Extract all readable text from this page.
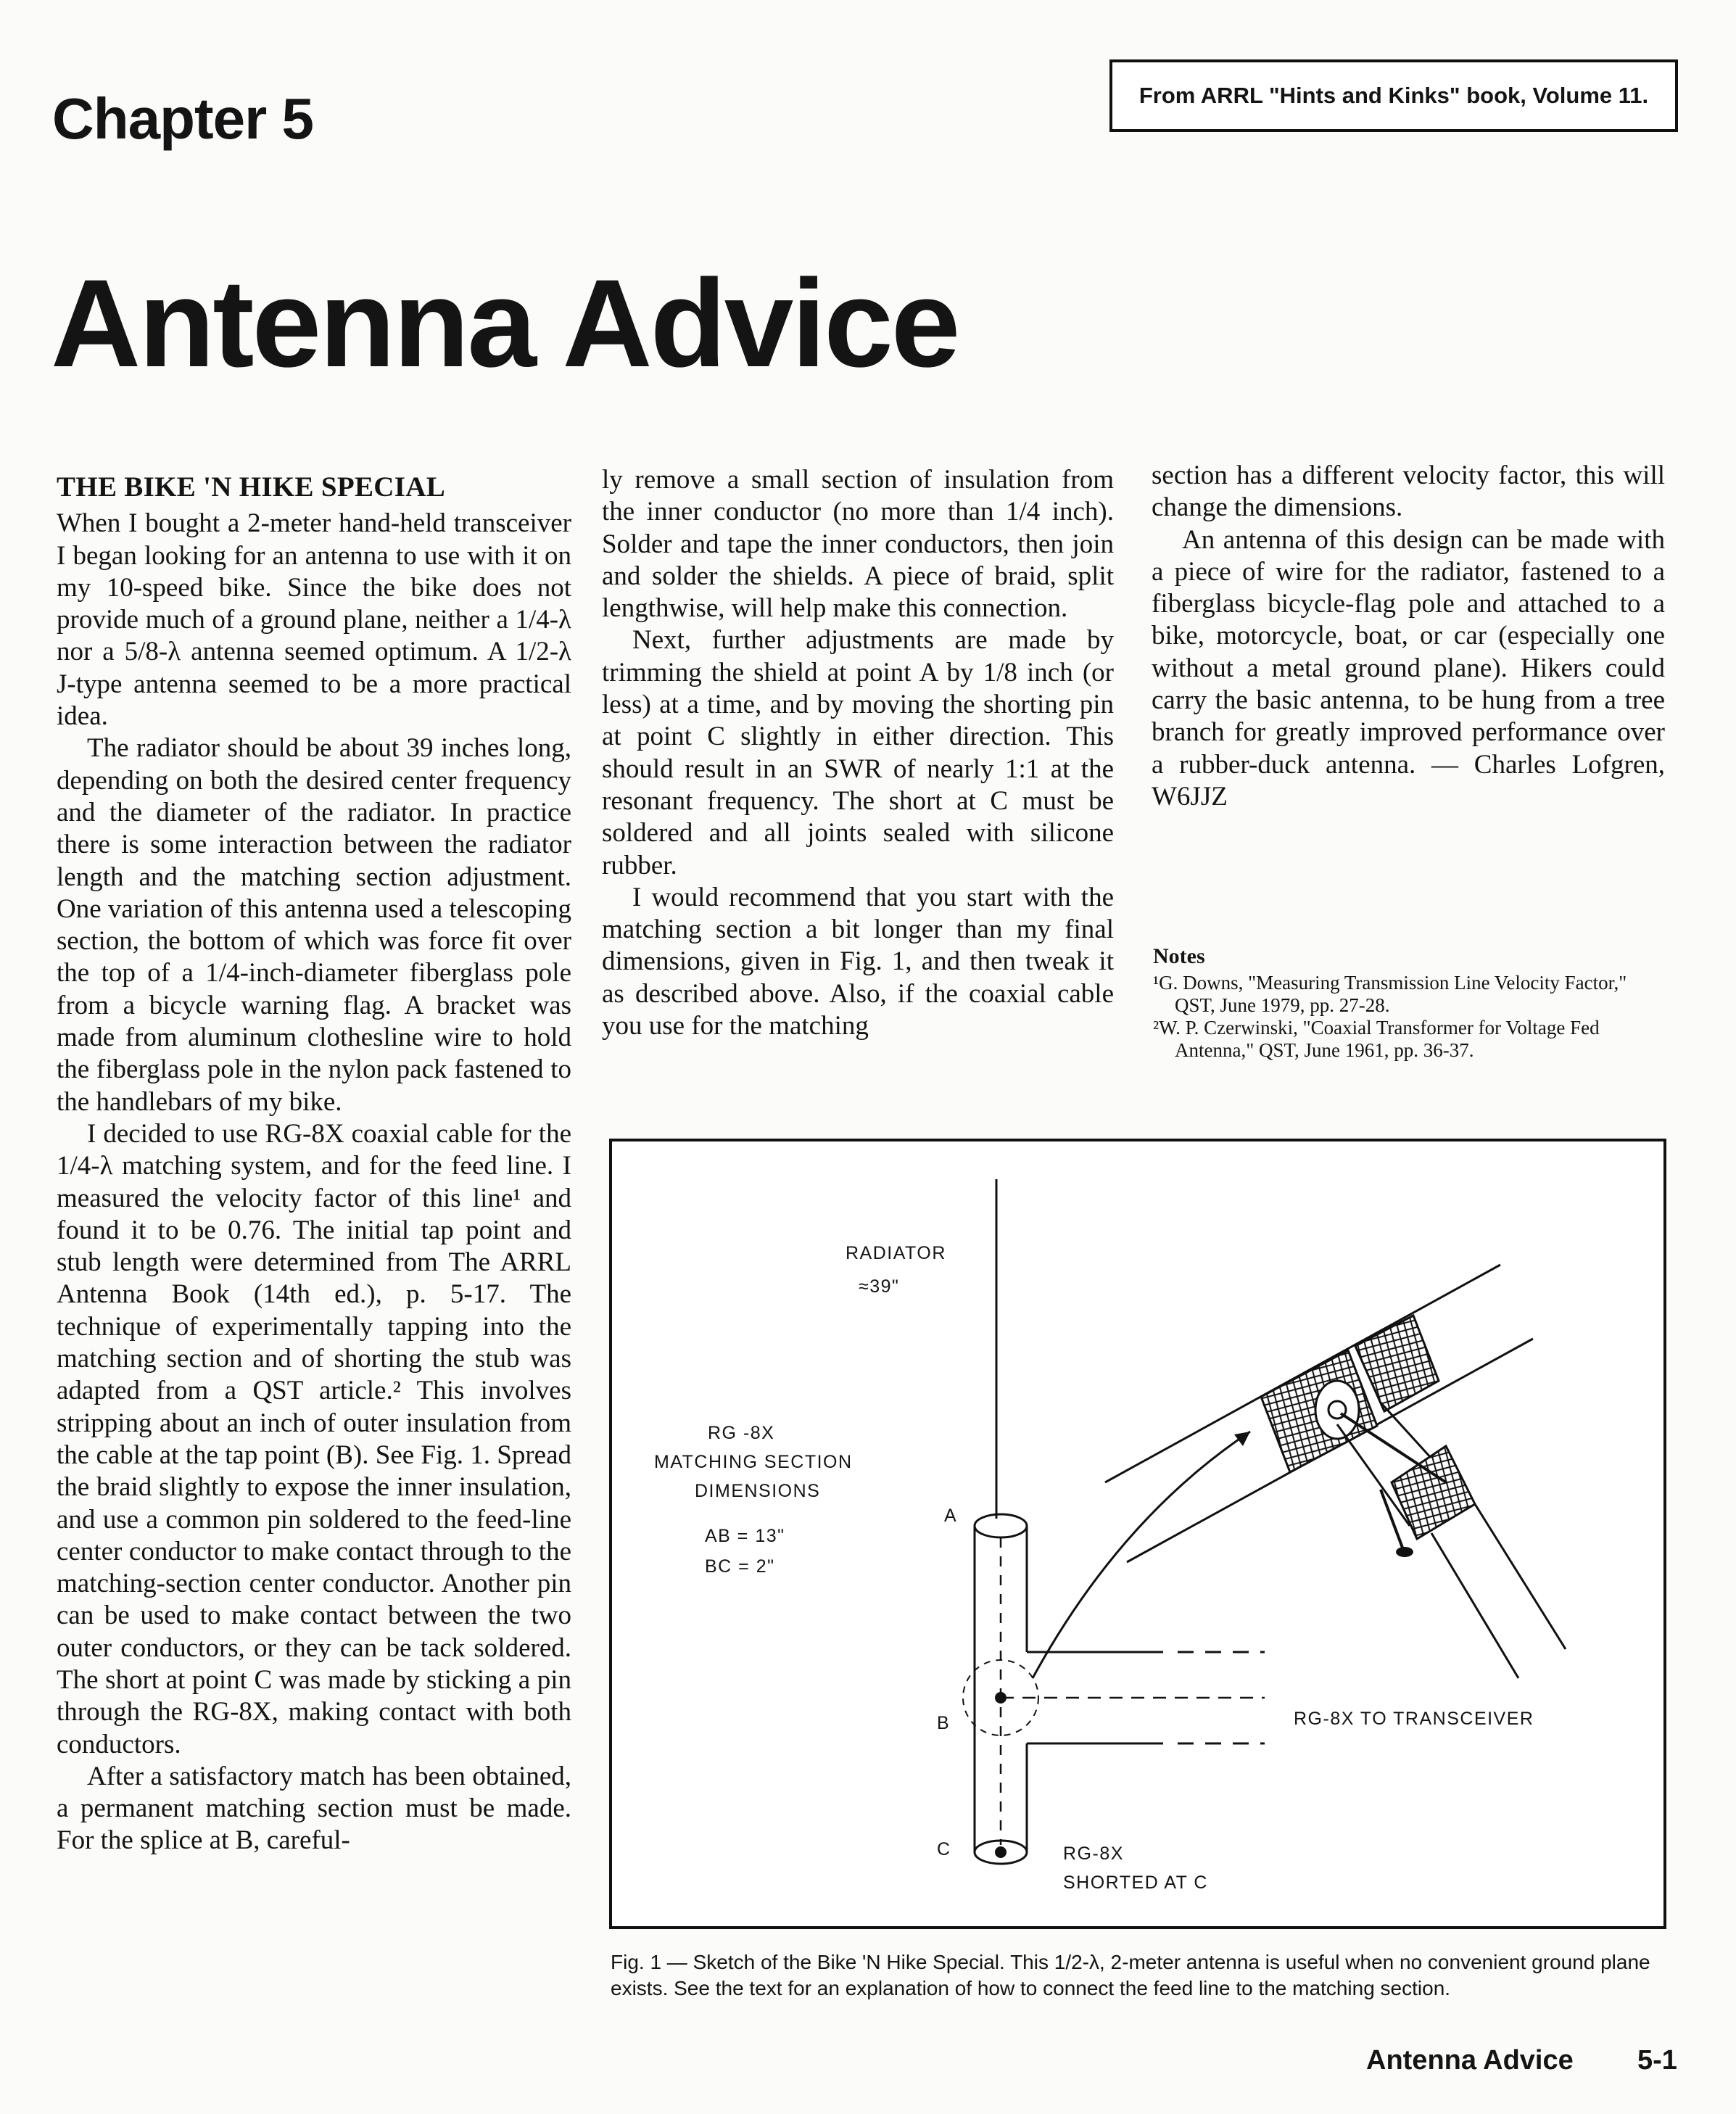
From ARRL "Hints and Kinks" book, Volume 11.
Chapter 5
Antenna Advice
THE BIKE 'N HIKE SPECIAL

When I bought a 2-meter hand-held transceiver I began looking for an antenna to use with it on my 10-speed bike. Since the bike does not provide much of a ground plane, neither a 1/4-λ nor a 5/8-λ antenna seemed optimum. A 1/2-λ J-type antenna seemed to be a more practical idea.

The radiator should be about 39 inches long, depending on both the desired center frequency and the diameter of the radiator. In practice there is some interaction between the radiator length and the matching section adjustment. One variation of this antenna used a telescoping section, the bottom of which was force fit over the top of a 1/4-inch-diameter fiberglass pole from a bicycle warning flag. A bracket was made from aluminum clothesline wire to hold the fiberglass pole in the nylon pack fastened to the handlebars of my bike.

I decided to use RG-8X coaxial cable for the 1/4-λ matching system, and for the feed line. I measured the velocity factor of this line¹ and found it to be 0.76. The initial tap point and stub length were determined from The ARRL Antenna Book (14th ed.), p. 5-17. The technique of experimentally tapping into the matching section and of shorting the stub was adapted from a QST article.² This involves stripping about an inch of outer insulation from the cable at the tap point (B). See Fig. 1. Spread the braid slightly to expose the inner insulation, and use a common pin soldered to the feed-line center conductor to make contact through to the matching-section center conductor. Another pin can be used to make contact between the two outer conductors, or they can be tack soldered. The short at point C was made by sticking a pin through the RG-8X, making contact with both conductors.

After a satisfactory match has been obtained, a permanent matching section must be made. For the splice at B, careful-

ly remove a small section of insulation from the inner conductor (no more than 1/4 inch). Solder and tape the inner conductors, then join and solder the shields. A piece of braid, split lengthwise, will help make this connection.

Next, further adjustments are made by trimming the shield at point A by 1/8 inch (or less) at a time, and by moving the shorting pin at point C slightly in either direction. This should result in an SWR of nearly 1:1 at the resonant frequency. The short at C must be soldered and all joints sealed with silicone rubber.

I would recommend that you start with the matching section a bit longer than my final dimensions, given in Fig. 1, and then tweak it as described above. Also, if the coaxial cable you use for the matching

section has a different velocity factor, this will change the dimensions.

An antenna of this design can be made with a piece of wire for the radiator, fastened to a fiberglass bicycle-flag pole and attached to a bike, motorcycle, boat, or car (especially one without a metal ground plane). Hikers could carry the basic antenna, to be hung from a tree branch for greatly improved performance over a rubber-duck antenna. — Charles Lofgren, W6JJZ

Notes
¹G. Downs, "Measuring Transmission Line Velocity Factor," QST, June 1979, pp. 27-28.
²W. P. Czerwinski, "Coaxial Transformer for Voltage Fed Antenna," QST, June 1961, pp. 36-37.
RADIATOR
≈39"
RG -8X
MATCHING SECTION
DIMENSIONS
AB = 13"
BC = 2"
A
B
C
RG-8X TO TRANSCEIVER
RG-8X
SHORTED AT C
Fig. 1 — Sketch of the Bike 'N Hike Special. This 1/2-λ, 2-meter antenna is useful when no convenient ground plane exists. See the text for an explanation of how to connect the feed line to the matching section.
Antenna Advice 5-1
